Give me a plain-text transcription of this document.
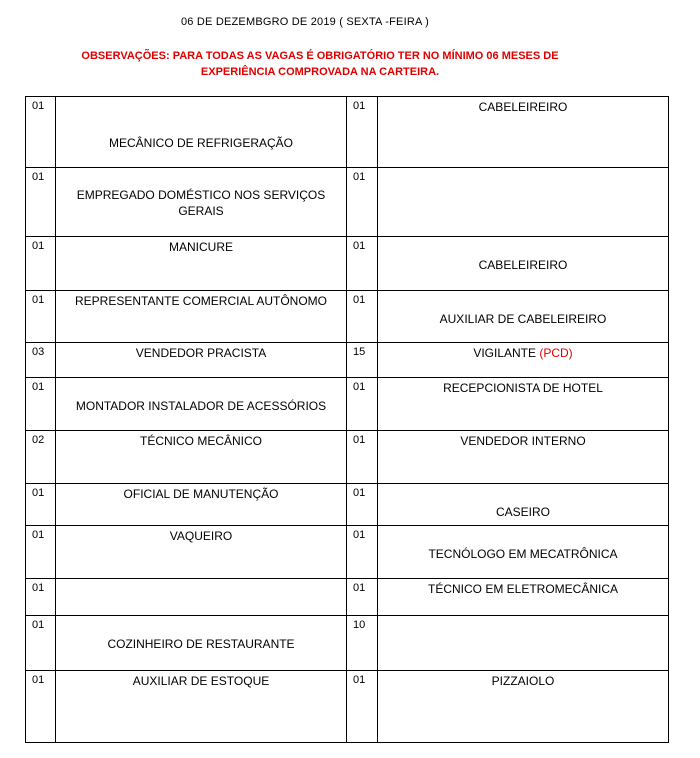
06 DE DEZEMBGRO DE 2019 ( SEXTA -FEIRA )
OBSERVAÇÕES: PARA TODAS AS VAGAS É OBRIGATÓRIO TER NO MÍNIMO 06 MESES DE
EXPERIÊNCIA COMPROVADA NA CARTEIRA.
01	MECÂNICO DE REFRIGERAÇÃO	01	CABELEIREIRO

01	EMPREGADO DOMÉSTICO NOS SERVIÇOS GERAIS	01	

01	MANICURE	01	CABELEIREIRO

01	REPRESENTANTE COMERCIAL AUTÔNOMO	01	AUXILIAR DE CABELEIREIRO

03	VENDEDOR PRACISTA	15	VIGILANTE (PCD)

01	MONTADOR INSTALADOR DE ACESSÓRIOS	01	RECEPCIONISTA DE HOTEL

02	TÉCNICO MECÂNICO	01	VENDEDOR INTERNO

01	OFICIAL DE MANUTENÇÃO	01	CASEIRO

01	VAQUEIRO	01	TECNÓLOGO EM MECATRÔNICA

01		01	TÉCNICO EM ELETROMECÂNICA

01	COZINHEIRO DE RESTAURANTE	10	

01	AUXILIAR DE ESTOQUE	01	PIZZAIOLO
